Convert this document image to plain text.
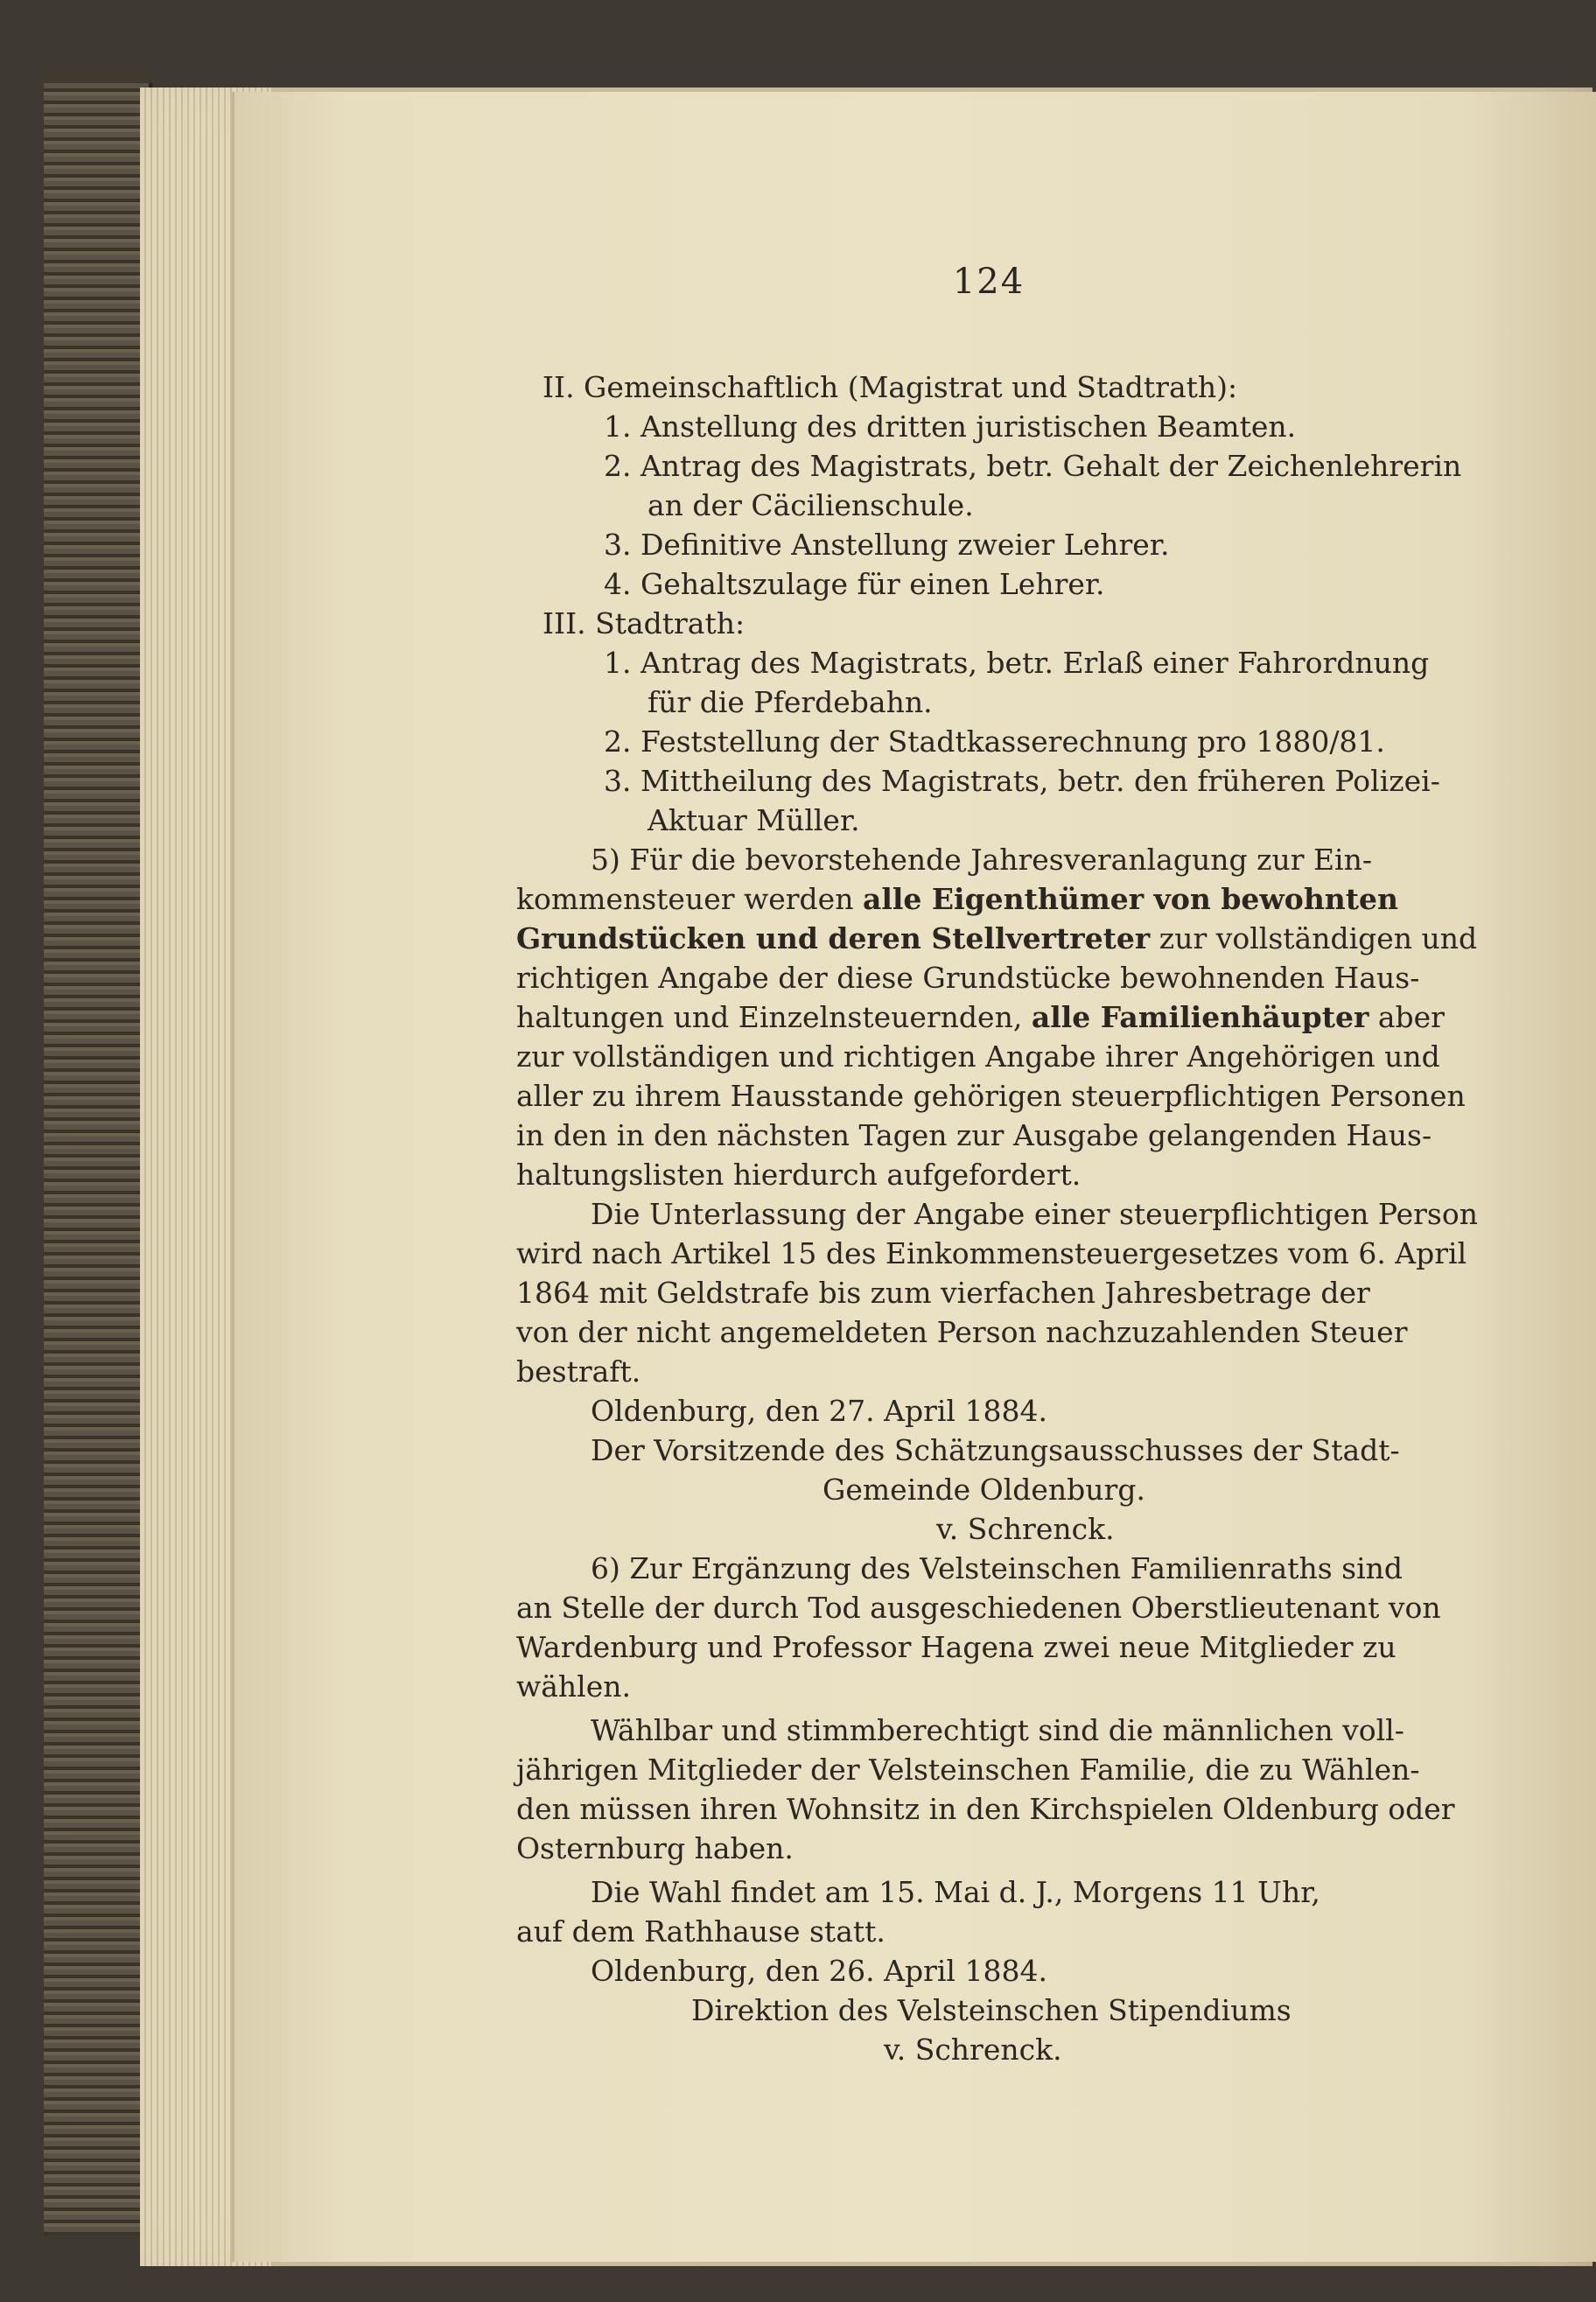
124
II. Gemeinschaftlich (Magistrat und Stadtrath):
1. Anstellung des dritten juristischen Beamten.
2. Antrag des Magistrats, betr. Gehalt der Zeichenlehrerin
an der Cäcilienschule.
3. Definitive Anstellung zweier Lehrer.
4. Gehaltszulage für einen Lehrer.
III. Stadtrath:
1. Antrag des Magistrats, betr. Erlaß einer Fahrordnung
für die Pferdebahn.
2. Feststellung der Stadtkasserechnung pro 1880/81.
3. Mittheilung des Magistrats, betr. den früheren Polizei-
Aktuar Müller.
5) Für die bevorstehende Jahresveranlagung zur Ein-
kommensteuer werden alle Eigenthümer von bewohnten
Grundstücken und deren Stellvertreter zur vollständigen und
richtigen Angabe der diese Grundstücke bewohnenden Haus-
haltungen und Einzelnsteuernden, alle Familienhäupter aber
zur vollständigen und richtigen Angabe ihrer Angehörigen und
aller zu ihrem Hausstande gehörigen steuerpflichtigen Personen
in den in den nächsten Tagen zur Ausgabe gelangenden Haus-
haltungslisten hierdurch aufgefordert.
Die Unterlassung der Angabe einer steuerpflichtigen Person
wird nach Artikel 15 des Einkommensteuergesetzes vom 6. April
1864 mit Geldstrafe bis zum vierfachen Jahresbetrage der
von der nicht angemeldeten Person nachzuzahlenden Steuer
bestraft.
Oldenburg, den 27. April 1884.
Der Vorsitzende des Schätzungsausschusses der Stadt-
Gemeinde Oldenburg.
v. Schrenck.
6) Zur Ergänzung des Velsteinschen Familienraths sind
an Stelle der durch Tod ausgeschiedenen Oberstlieutenant von
Wardenburg und Professor Hagena zwei neue Mitglieder zu
wählen.
Wählbar und stimmberechtigt sind die männlichen voll-
jährigen Mitglieder der Velsteinschen Familie, die zu Wählen-
den müssen ihren Wohnsitz in den Kirchspielen Oldenburg oder
Osternburg haben.
Die Wahl findet am 15. Mai d. J., Morgens 11 Uhr,
auf dem Rathhause statt.
Oldenburg, den 26. April 1884.
Direktion des Velsteinschen Stipendiums
v. Schrenck.
